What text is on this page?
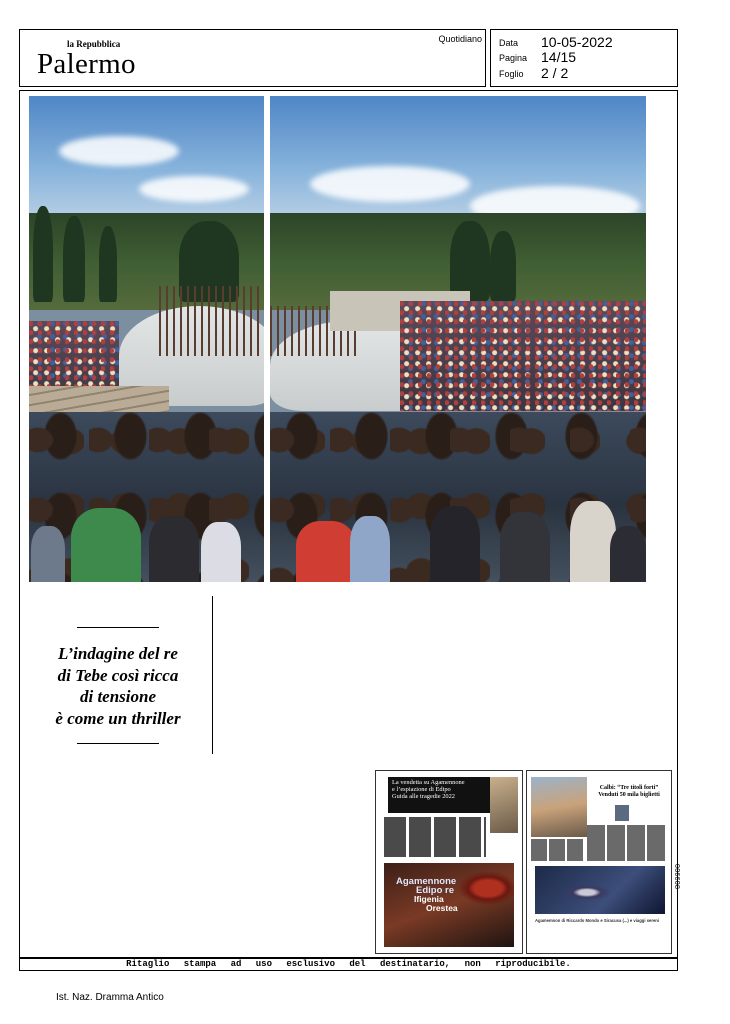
la Repubblica
Palermo
Quotidiano Data 10-05-2022
Pagina 14/15
Foglio 2 / 2
L’indagine del re
di Tebe così ricca
di tensione
è come un thriller
La vendetta su Agamennone
e l’espiazione di Edipo
Guida alle tragedie 2022
Agamennone
Edipo re
Ifigenia
Orestea
Calbi: “Tre titoli forti”
Venduti 50 mila biglietti
Agamemnon di Riccardo Mondo e Siracusa (...) e viaggi sereni
006608
Ritaglio stampa ad uso esclusivo del destinatario, non riproducibile.
Ist. Naz. Dramma Antico
